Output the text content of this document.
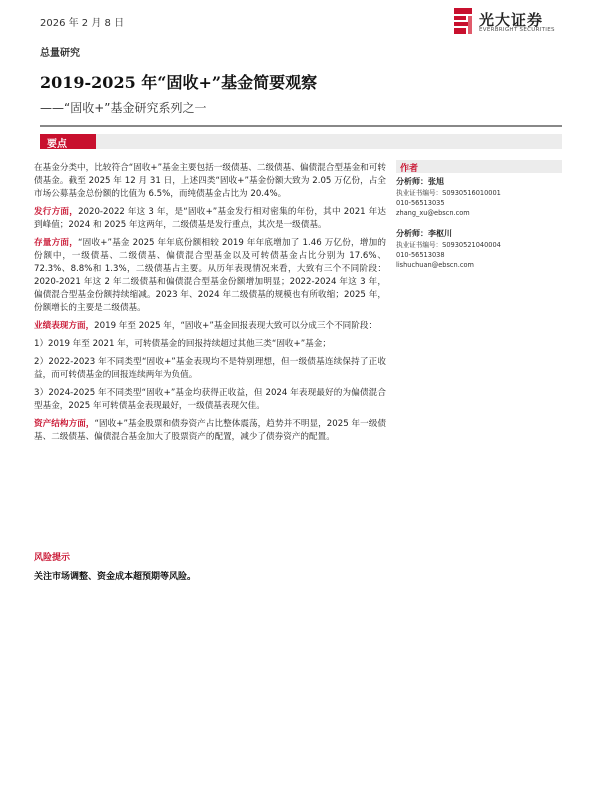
2026 年 2 月 8 日	光大证券
EVERBRIGHT SECURITIES
总量研究
2019-2025 年“固收+”基金简要观察
——“固收+”基金研究系列之一
要点

在基金分类中，比较符合“固收+”基金主要包括一级债基、二级债基、偏债混合型基金和可转债基金。截至 2025 年 12 月 31 日，上述四类“固收+”基金份额大致为 2.05 万亿份，占全市场公募基金总份额的比值为 6.5%，而纯债基金占比为 20.4%。

发行方面，2020-2022 年这 3 年，是“固收+”基金发行相对密集的年份，其中 2021 年达到峰值；2024 和 2025 年这两年，二级债基是发行重点，其次是一级债基。

存量方面，“固收+”基金 2025 年年底份额相较 2019 年年底增加了 1.46 万亿份，增加的份额中，一级债基、二级债基、偏债混合型基金以及可转债基金占比分别为 17.6%、72.3%、8.8%和 1.3%，二级债基占主要。从历年表现情况来看，大致有三个不同阶段：2020-2021 年这 2 年二级债基和偏债混合型基金份额增加明显；2022-2024 年这 3 年，偏债混合型基金份额持续缩减。2023 年、2024 年二级债基的规模也有所收缩；2025 年，份额增长的主要是二级债基。

业绩表现方面，2019 年至 2025 年，“固收+”基金回报表现大致可以分成三个不同阶段：

1）2019 年至 2021 年，可转债基金的回报持续超过其他三类“固收+”基金；

2）2022-2023 年不同类型“固收+”基金表现均不是特别理想，但一级债基连续保持了正收益，而可转债基金的回报连续两年为负值。

3）2024-2025 年不同类型“固收+”基金均获得正收益，但 2024 年表现最好的为偏债混合型基金，2025 年可转债基金表现最好，一级债基表现欠佳。

资产结构方面，“固收+”基金股票和债券资产占比整体震荡，趋势并不明显，2025 年一级债基、二级债基、偏债混合基金加大了股票资产的配置，减少了债券资产的配置。

风险提示
关注市场调整、资金成本超预期等风险。
作者
分析师：张旭
执业证书编号：S0930516010001
010-56513035
zhang_xu@ebscn.com
分析师：李枢川
执业证书编号：S0930521040004
010-56513038
lishuchuan@ebscn.com
